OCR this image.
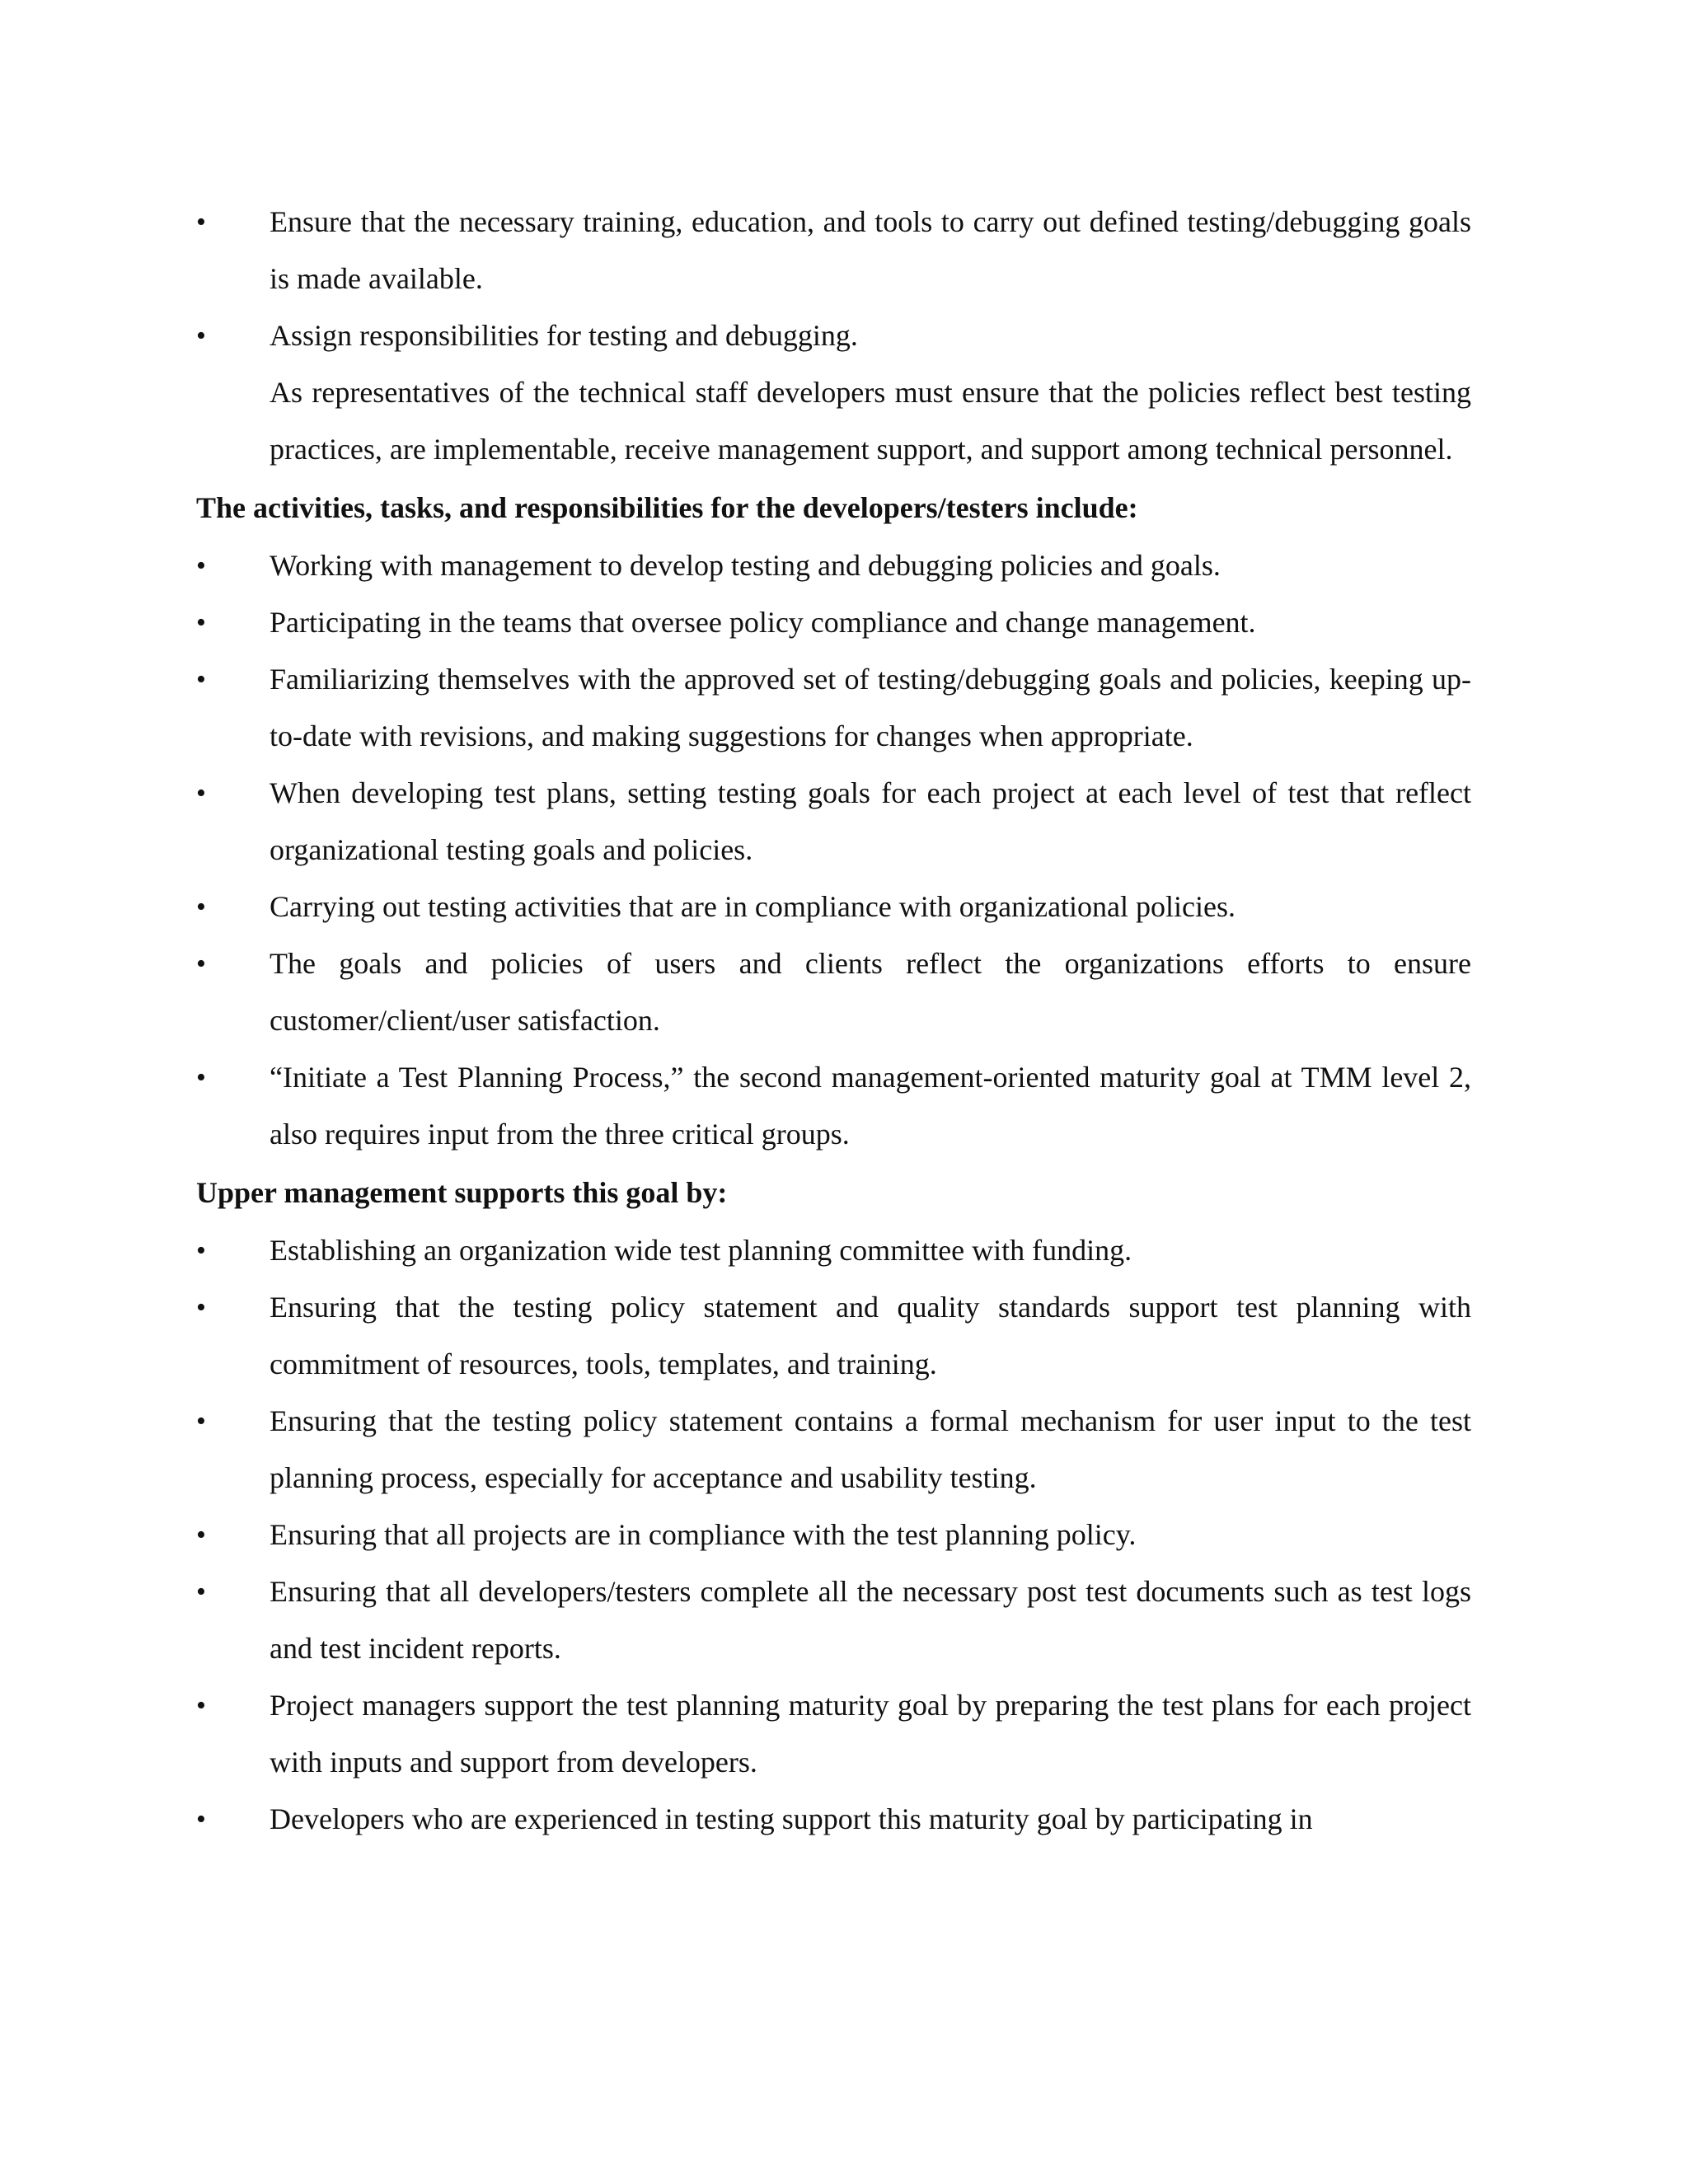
•	Ensure that the necessary training, education, and tools to carry out defined testing/debugging goals is made available.
•	Assign responsibilities for testing and debugging.
As representatives of the technical staff developers must ensure that the policies reflect best testing practices, are implementable, receive management support, and support among technical personnel.
The activities, tasks, and responsibilities for the developers/testers include:
•	Working with management to develop testing and debugging policies and goals.
•	Participating in the teams that oversee policy compliance and change management.
•	Familiarizing themselves with the approved set of testing/debugging goals and policies, keeping up-to-date with revisions, and making suggestions for changes when appropriate.
•	When developing test plans, setting testing goals for each project at each level of test that reflect organizational testing goals and policies.
•	Carrying out testing activities that are in compliance with organizational policies.
•	The goals and policies of users and clients reflect the organizations efforts to ensure customer/client/user satisfaction.
•	“Initiate a Test Planning Process,” the second management-oriented maturity goal at TMM level 2, also requires input from the three critical groups.
Upper management supports this goal by:
•	Establishing an organization wide test planning committee with funding.
•	Ensuring that the testing policy statement and quality standards support test planning with commitment of resources, tools, templates, and training.
•	Ensuring that the testing policy statement contains a formal mechanism for user input to the test planning process, especially for acceptance and usability testing.
•	Ensuring that all projects are in compliance with the test planning policy.
•	Ensuring that all developers/testers complete all the necessary post test documents such as test logs and test incident reports.
•	Project managers support the test planning maturity goal by preparing the test plans for each project with inputs and support from developers.
•	Developers who are experienced in testing support this maturity goal by participating in
